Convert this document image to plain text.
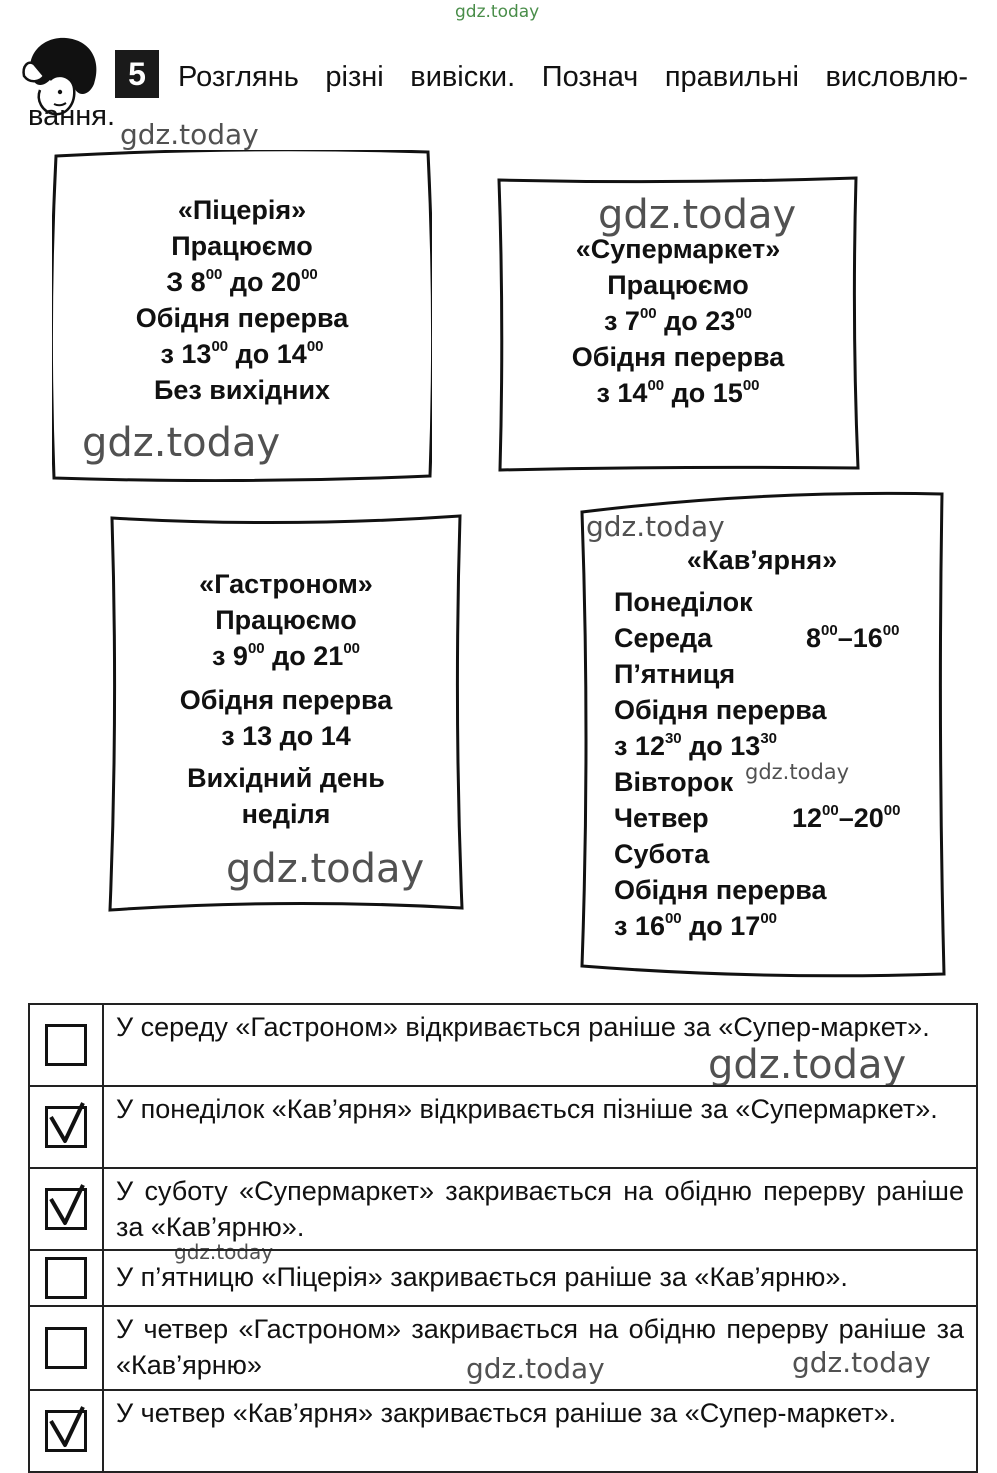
gdz.today
gdz.today
gdz.today
gdz.today
gdz.today
gdz.today
gdz.today
gdz.today
gdz.today
gdz.today	gdz.today
5	Розглянь різні вивіски. Познач правильні висловлю-
вання.
«Піцерія»
Працюємо
З $8^{00}$ до $20^{00}$
Обідня перерва
з $13^{00}$ до $14^{00}$
Без вихідних
«Супермаркет»
Працюємо
з $7^{00}$ до $23^{00}$
Обідня перерва
з $14^{00}$ до $15^{00}$
«Гастроном»
Працюємо
з $9^{00}$ до $21^{00}$
Обідня перерва
з 13 до 14
Вихідний день
неділя
«Кав’ярня»
Понеділок
Середа	$8^{00}-16^{00}$
П’ятниця
Обідня перерва
з $12^{30}$ до $13^{30}$
Вівторок
Четвер	$12^{00}-20^{00}$
Субота
Обідня перерва
з $16^{00}$ до $17^{00}$
У середу «Гастроном» відкривається раніше за «Супер-маркет».
У понеділок «Кав’ярня» відкривається пізніше за «Супермаркет».
У суботу «Супермаркет» закривається на обідню перерву раніше за «Кав’ярню».
У п’ятницю «Піцерія» закривається раніше за «Кав’ярню».
У четвер «Гастроном» закривається на обідню перерву раніше за «Кав’ярню»
У четвер «Кав’ярня» закривається раніше за «Супер-маркет».
